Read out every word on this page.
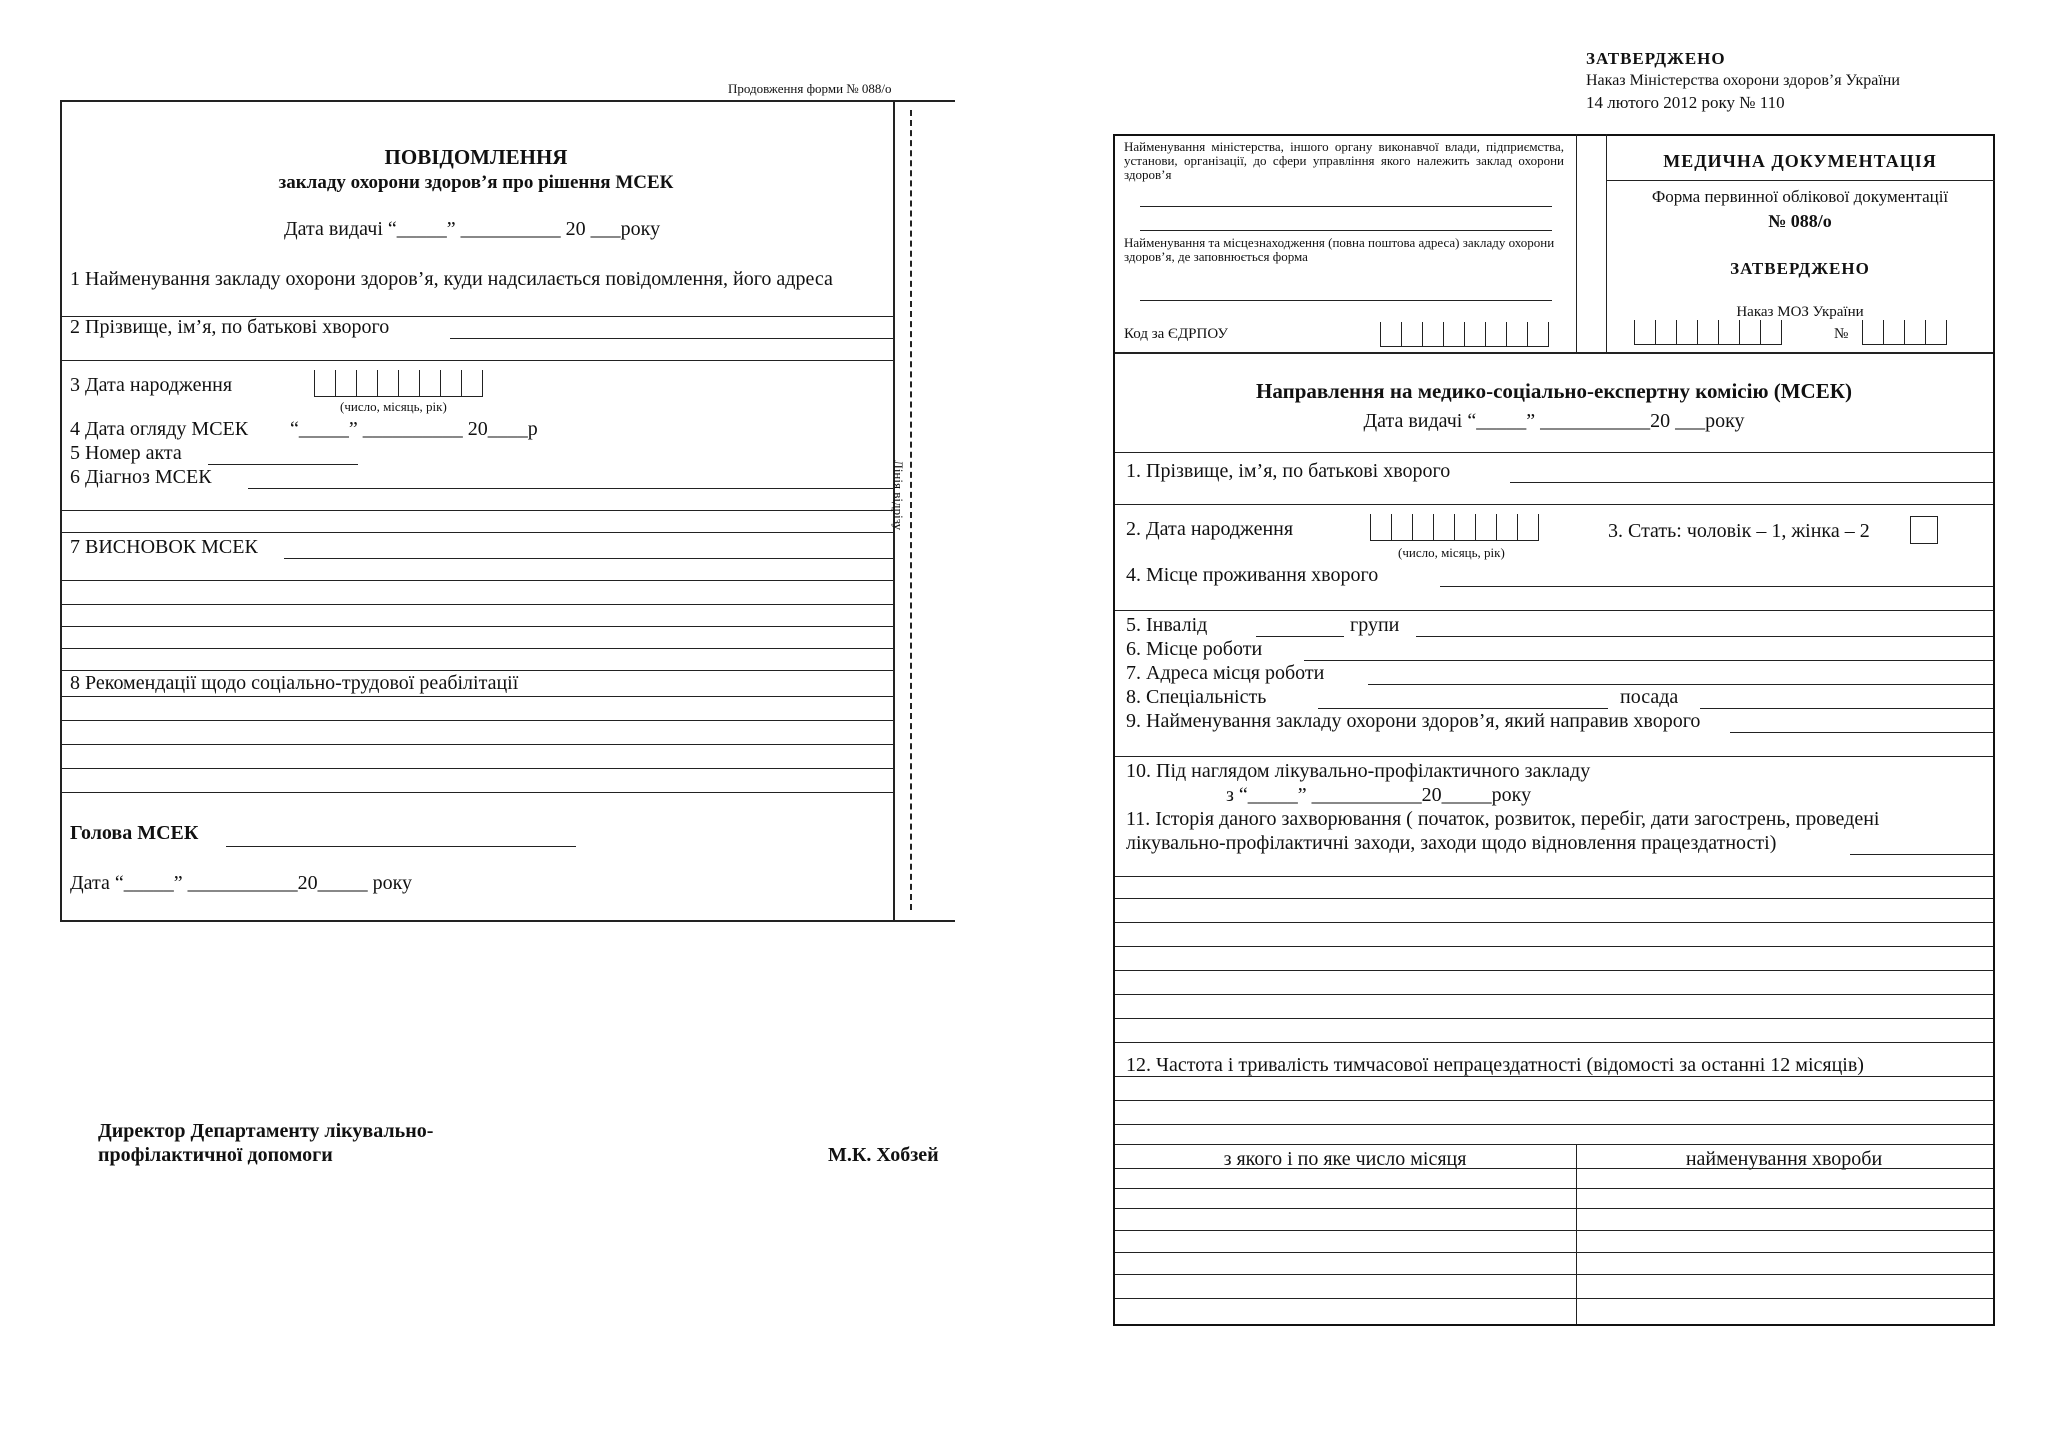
Продовження форми № 088/о
Лінія відрізу
ПОВІДОМЛЕННЯ
закладу охорони здоров’я про рішення МСЕК
Дата видачі “_____” __________ 20 ___року
1 Найменування закладу охорони здоров’я, куди надсилається повідомлення, його адреса
2 Прізвище, ім’я, по батькові хворого
3 Дата народження
(число, місяць, рік)
4 Дата огляду МСЕК “_____” __________ 20____р
5 Номер акта
6 Діагноз МСЕК
7 ВИСНОВОК МСЕК
8 Рекомендації щодо соціально-трудової реабілітації
Голова МСЕК
Дата “_____” ___________20_____ року
Директор Департаменту лікувально-
профілактичної допомоги	М.К. Хобзей
ЗАТВЕРДЖЕНО
Наказ Міністерства охорони здоров’я України
14 лютого 2012 року № 110
Найменування міністерства, іншого органу виконавчої влади, підприємства, установи, організації, до сфери управління якого належить заклад охорони здоров’я
Найменування та місцезнаходження (повна поштова адреса) закладу охорони здоров’я, де заповнюється форма
Код за ЄДРПОУ
МЕДИЧНА ДОКУМЕНТАЦІЯ
Форма первинної облікової документації
№ 088/о
ЗАТВЕРДЖЕНО
Наказ МОЗ України
№
Направлення на медико-соціально-експертну комісію (МСЕК)
Дата видачі “_____” ___________20 ___року
1. Прізвище, ім’я, по батькові хворого
2. Дата народження
(число, місяць, рік)
3. Стать: чоловік – 1, жінка – 2
4. Місце проживання хворого
5. Інвалід	групи
6. Місце роботи
7. Адреса місця роботи
8. Спеціальність	посада
9. Найменування закладу охорони здоров’я, який направив хворого
10. Під наглядом лікувально-профілактичного закладу
з “_____” ___________20_____року
11. Історія даного захворювання ( початок, розвиток, перебіг, дати загострень, проведені
лікувально-профілактичні заходи, заходи щодо відновлення працездатності)
12. Частота і тривалість тимчасової непрацездатності (відомості за останні 12 місяців)
з якого і по яке число місяця	найменування хвороби
